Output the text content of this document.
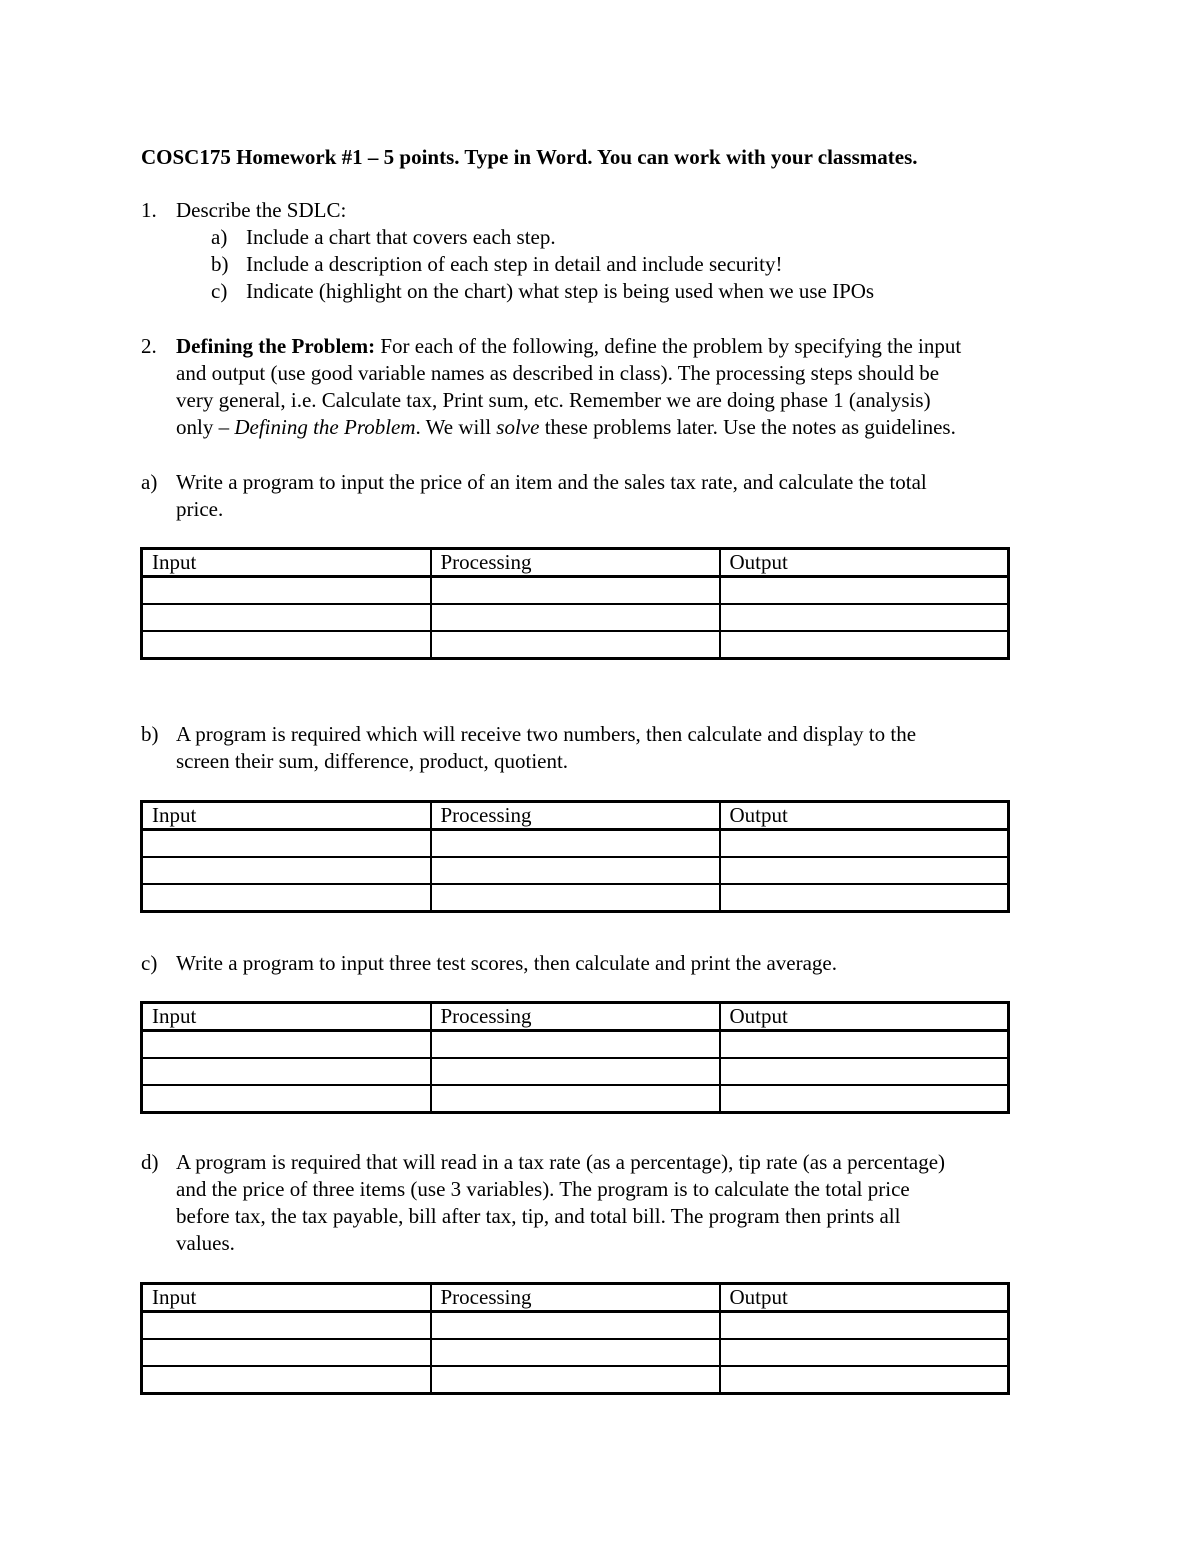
COSC175 Homework #1 – 5 points. Type in Word. You can work with your classmates.
1. Describe the SDLC:
a) Include a chart that covers each step.
b) Include a description of each step in detail and include security!
c) Indicate (highlight on the chart) what step is being used when we use IPOs
2. Defining the Problem: For each of the following, define the problem by specifying the input
and output (use good variable names as described in class). The processing steps should be
very general, i.e. Calculate tax, Print sum, etc. Remember we are doing phase 1 (analysis)
only – Defining the Problem. We will solve these problems later. Use the notes as guidelines.
a) Write a program to input the price of an item and the sales tax rate, and calculate the total
price.
Input	Processing	Output

b) A program is required which will receive two numbers, then calculate and display to the
screen their sum, difference, product, quotient.
Input	Processing	Output

c) Write a program to input three test scores, then calculate and print the average.
Input	Processing	Output

d) A program is required that will read in a tax rate (as a percentage), tip rate (as a percentage)
and the price of three items (use 3 variables). The program is to calculate the total price
before tax, the tax payable, bill after tax, tip, and total bill. The program then prints all
values.
Input	Processing	Output
